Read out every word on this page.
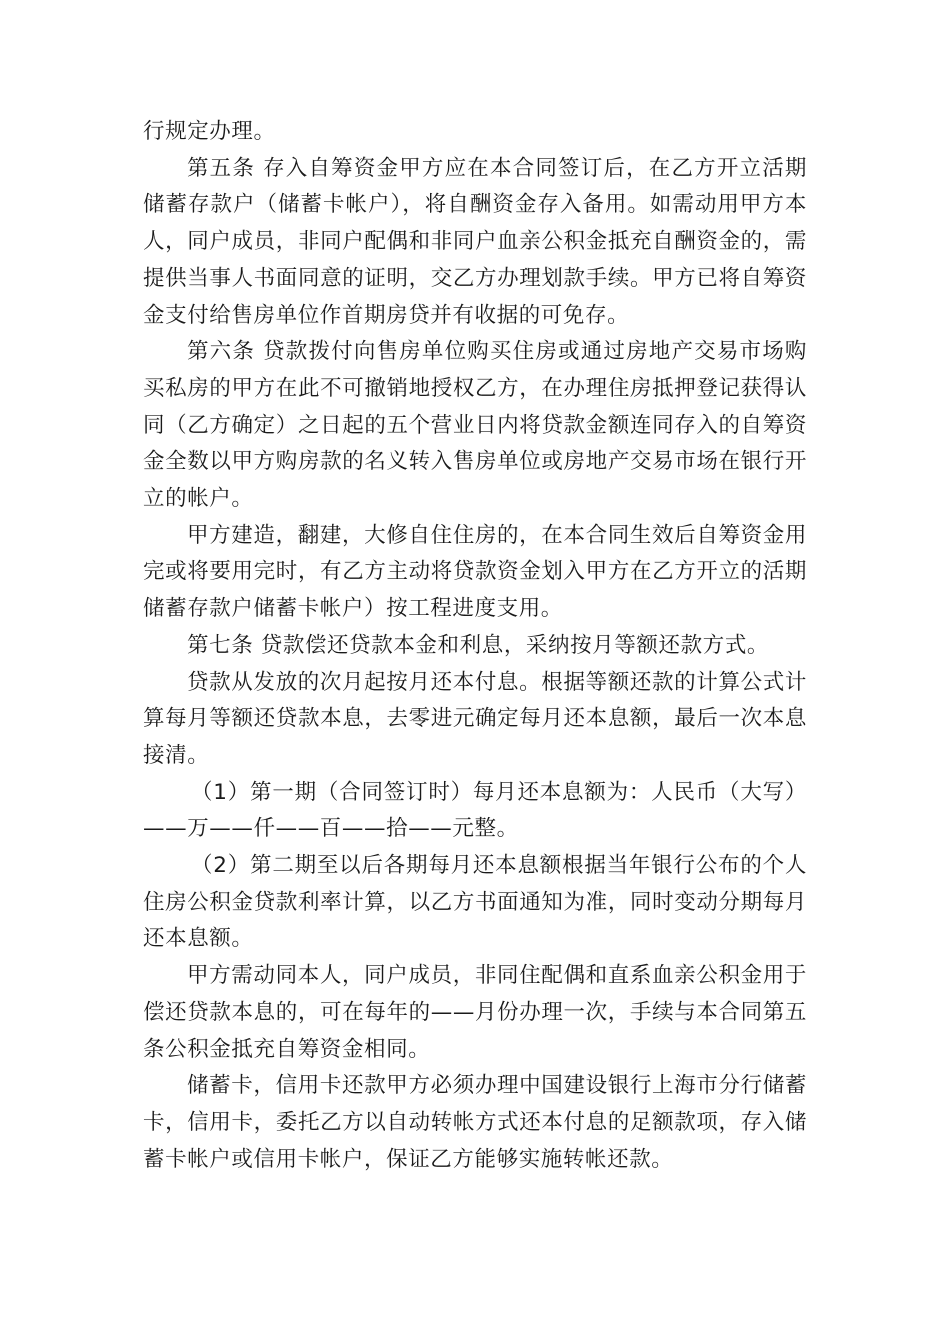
行规定办理。

第五条 存入自筹资金甲方应在本合同签订后，在乙方开立活期储蓄存款户（储蓄卡帐户），将自酬资金存入备用。如需动用甲方本人，同户成员，非同户配偶和非同户血亲公积金抵充自酬资金的，需提供当事人书面同意的证明，交乙方办理划款手续。甲方已将自筹资金支付给售房单位作首期房贷并有收据的可免存。

第六条 贷款拨付向售房单位购买住房或通过房地产交易市场购买私房的甲方在此不可撤销地授权乙方，在办理住房抵押登记获得认同（乙方确定）之日起的五个营业日内将贷款金额连同存入的自筹资金全数以甲方购房款的名义转入售房单位或房地产交易市场在银行开立的帐户。

甲方建造，翻建，大修自住住房的，在本合同生效后自筹资金用完或将要用完时，有乙方主动将贷款资金划入甲方在乙方开立的活期储蓄存款户储蓄卡帐户）按工程进度支用。

第七条 贷款偿还贷款本金和利息，采纳按月等额还款方式。

贷款从发放的次月起按月还本付息。根据等额还款的计算公式计算每月等额还贷款本息，去零进元确定每月还本息额，最后一次本息接清。

（1）第一期（合同签订时）每月还本息额为：人民币（大写）——万——仟——百——拾——元整。

（2）第二期至以后各期每月还本息额根据当年银行公布的个人住房公积金贷款利率计算，以乙方书面通知为准，同时变动分期每月还本息额。

甲方需动同本人，同户成员，非同住配偶和直系血亲公积金用于偿还贷款本息的，可在每年的——月份办理一次，手续与本合同第五条公积金抵充自筹资金相同。

储蓄卡，信用卡还款甲方必须办理中国建设银行上海市分行储蓄卡，信用卡，委托乙方以自动转帐方式还本付息的足额款项，存入储蓄卡帐户或信用卡帐户，保证乙方能够实施转帐还款。
